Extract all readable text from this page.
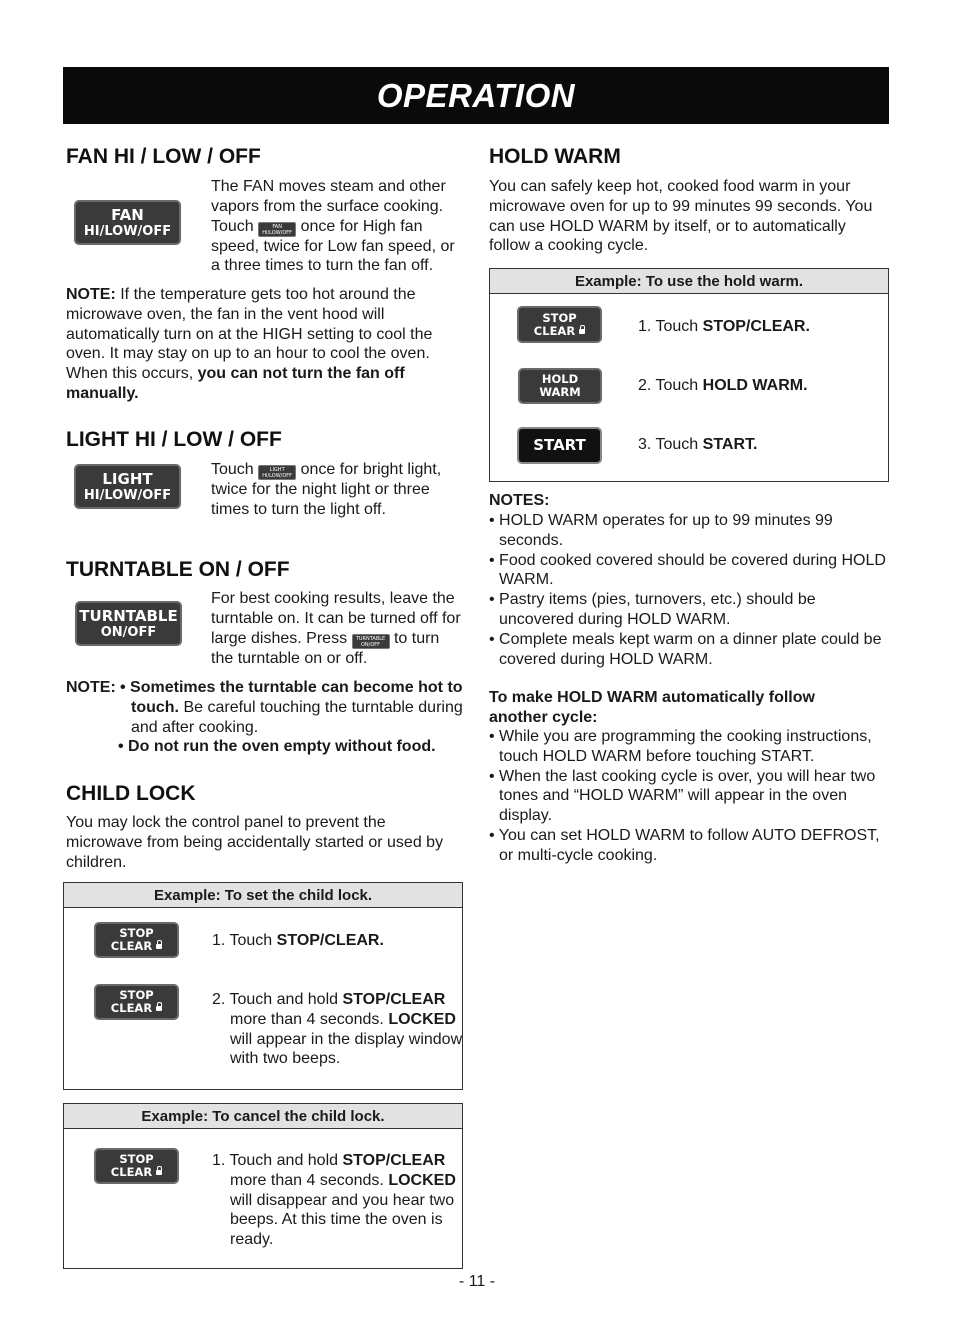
OPERATION
FAN HI / LOW / OFF
FAN
HI/LOW/OFF

The FAN moves steam and other vapors from the surface cooking. Touch	FAN HI/LOW/OFF once for High fan speed, twice for Low fan speed, or a three times to turn the fan off.

NOTE: If the temperature gets too hot around the microwave oven, the fan in the vent hood will automatically turn on at the HIGH setting to cool the oven. It may stay on up to an hour to cool the oven. When this occurs, you can not turn the fan off manually.

LIGHT HI / LOW / OFF
LIGHT
HI/LOW/OFF

Touch	LIGHT HI/LOW/OFF once for bright light, twice for the night light or three times to turn the light off.

TURNTABLE ON / OFF
TURNTABLE
ON/OFF

For best cooking results, leave the turntable on. It can be turned off for large dishes. Press TURNTABLE ON/OFF to turn the turntable on or off.

NOTE: • Sometimes the turntable can become hot to touch. Be careful touching the turntable during and after cooking.

• Do not run the oven empty without food.

CHILD LOCK

You may lock the control panel to prevent the microwave from being accidentally started or used by children.

Example: To set the child lock.
STOP
CLEAR	1. Touch STOP/CLEAR.

STOP
CLEAR	2. Touch and hold STOP/CLEAR more than 4 seconds. LOCKED will appear in the display window with two beeps.

Example: To cancel the child lock.
STOP
CLEAR

1. Touch and hold STOP/CLEAR more than 4 seconds. LOCKED will disappear and you hear two beeps. At this time the oven is ready.

HOLD WARM

You can safely keep hot, cooked food warm in your microwave oven for up to 99 minutes 99 seconds. You can use HOLD WARM by itself, or to automatically follow a cooking cycle.

Example: To use the hold warm.
STOP
CLEAR	1. Touch STOP/CLEAR.

HOLD
WARM	2. Touch HOLD WARM.

START	3. Touch START.

NOTES:

• HOLD WARM operates for up to 99 minutes 99 seconds.
• Food cooked covered should be covered during HOLD WARM.
• Pastry items (pies, turnovers, etc.) should be uncovered during HOLD WARM.
• Complete meals kept warm on a dinner plate could be covered during HOLD WARM.

To make HOLD WARM automatically follow another cycle:

• While you are programming the cooking instructions, touch HOLD WARM before touching START.
• When the last cooking cycle is over, you will hear two tones and “HOLD WARM” will appear in the oven display.
• You can set HOLD WARM to follow AUTO DEFROST, or multi-cycle cooking.
- 11 -
